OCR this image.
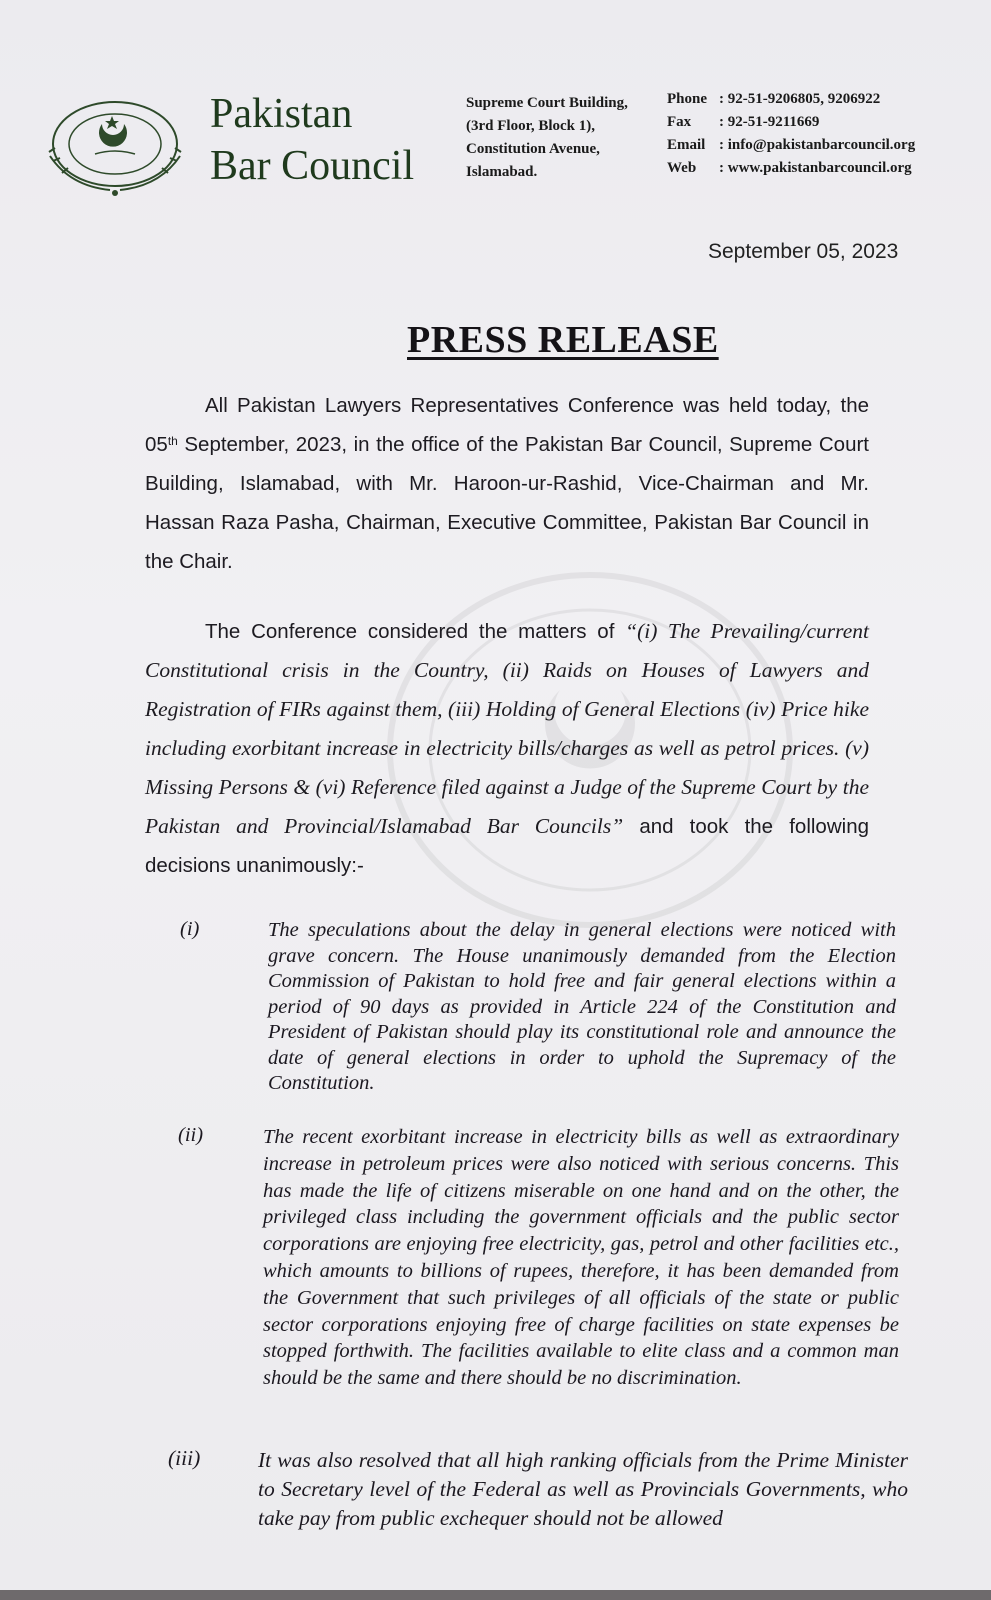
Pakistan
Bar Council
Supreme Court Building,
(3rd Floor, Block 1),
Constitution Avenue,
Islamabad.
Phone : 92-51-9206805, 9206922
Fax	: 92-51-9211669
Email : info@pakistanbarcouncil.org
Web	: www.pakistanbarcouncil.org
September 05, 2023
PRESS RELEASE
All Pakistan Lawyers Representatives Conference was held today, the 05th September, 2023, in the office of the Pakistan Bar Council, Supreme Court Building, Islamabad, with Mr. Haroon-ur-Rashid, Vice-Chairman and Mr. Hassan Raza Pasha, Chairman, Executive Committee, Pakistan Bar Council in the Chair.
The Conference considered the matters of “(i) The Prevailing/current Constitutional crisis in the Country, (ii) Raids on Houses of Lawyers and Registration of FIRs against them, (iii) Holding of General Elections (iv) Price hike including exorbitant increase in electricity bills/charges as well as petrol prices. (v) Missing Persons & (vi) Reference filed against a Judge of the Supreme Court by the Pakistan and Provincial/Islamabad Bar Councils” and took the following decisions unanimously:-
(i)	The speculations about the delay in general elections were noticed with grave concern. The House unanimously demanded from the Election Commission of Pakistan to hold free and fair general elections within a period of 90 days as provided in Article 224 of the Constitution and President of Pakistan should play its constitutional role and announce the date of general elections in order to uphold the Supremacy of the Constitution.
(ii)	The recent exorbitant increase in electricity bills as well as extraordinary increase in petroleum prices were also noticed with serious concerns. This has made the life of citizens miserable on one hand and on the other, the privileged class including the government officials and the public sector corporations are enjoying free electricity, gas, petrol and other facilities etc., which amounts to billions of rupees, therefore, it has been demanded from the Government that such privileges of all officials of the state or public sector corporations enjoying free of charge facilities on state expenses be stopped forthwith. The facilities available to elite class and a common man should be the same and there should be no discrimination.
(iii)	It was also resolved that all high ranking officials from the Prime Minister to Secretary level of the Federal as well as Provincials Governments, who take pay from public exchequer should not be allowed
